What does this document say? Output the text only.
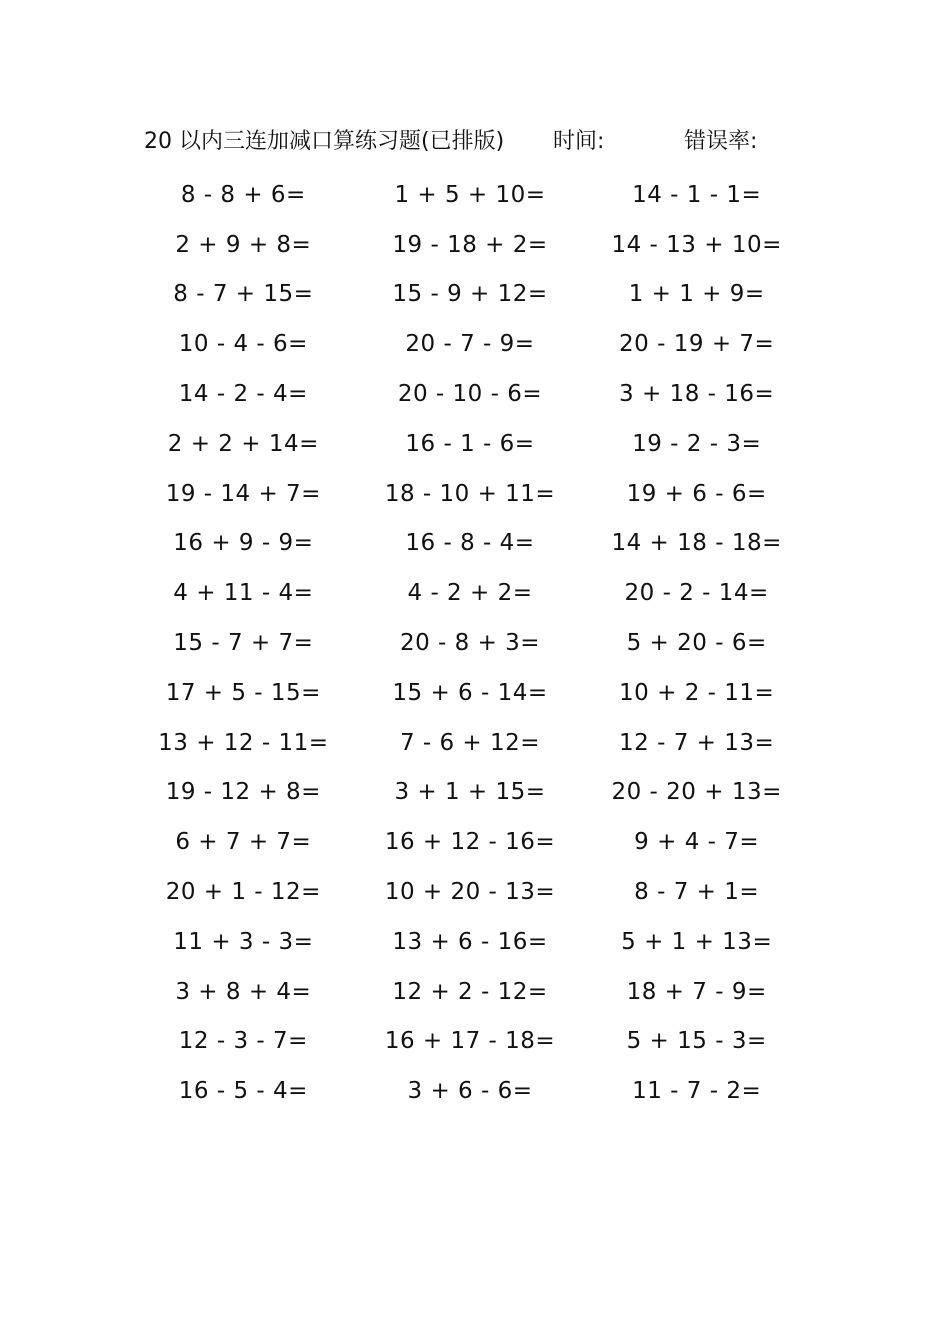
20 以内三连加减口算练习题(已排版) 时间:	错误率:
8 - 8 + 6=	1 + 5 + 10=	14 - 1 - 1=
2 + 9 + 8=	19 - 18 + 2=	14 - 13 + 10=
8 - 7 + 15=	15 - 9 + 12=	1 + 1 + 9=
10 - 4 - 6=	20 - 7 - 9=	20 - 19 + 7=
14 - 2 - 4=	20 - 10 - 6=	3 + 18 - 16=
2 + 2 + 14=	16 - 1 - 6=	19 - 2 - 3=
19 - 14 + 7=	18 - 10 + 11=	19 + 6 - 6=
16 + 9 - 9=	16 - 8 - 4=	14 + 18 - 18=
4 + 11 - 4=	4 - 2 + 2=	20 - 2 - 14=
15 - 7 + 7=	20 - 8 + 3=	5 + 20 - 6=
17 + 5 - 15=	15 + 6 - 14=	10 + 2 - 11=
13 + 12 - 11=	7 - 6 + 12=	12 - 7 + 13=
19 - 12 + 8=	3 + 1 + 15=	20 - 20 + 13=
6 + 7 + 7=	16 + 12 - 16=	9 + 4 - 7=
20 + 1 - 12=	10 + 20 - 13=	8 - 7 + 1=
11 + 3 - 3=	13 + 6 - 16=	5 + 1 + 13=
3 + 8 + 4=	12 + 2 - 12=	18 + 7 - 9=
12 - 3 - 7=	16 + 17 - 18=	5 + 15 - 3=
16 - 5 - 4=	3 + 6 - 6=	11 - 7 - 2=
